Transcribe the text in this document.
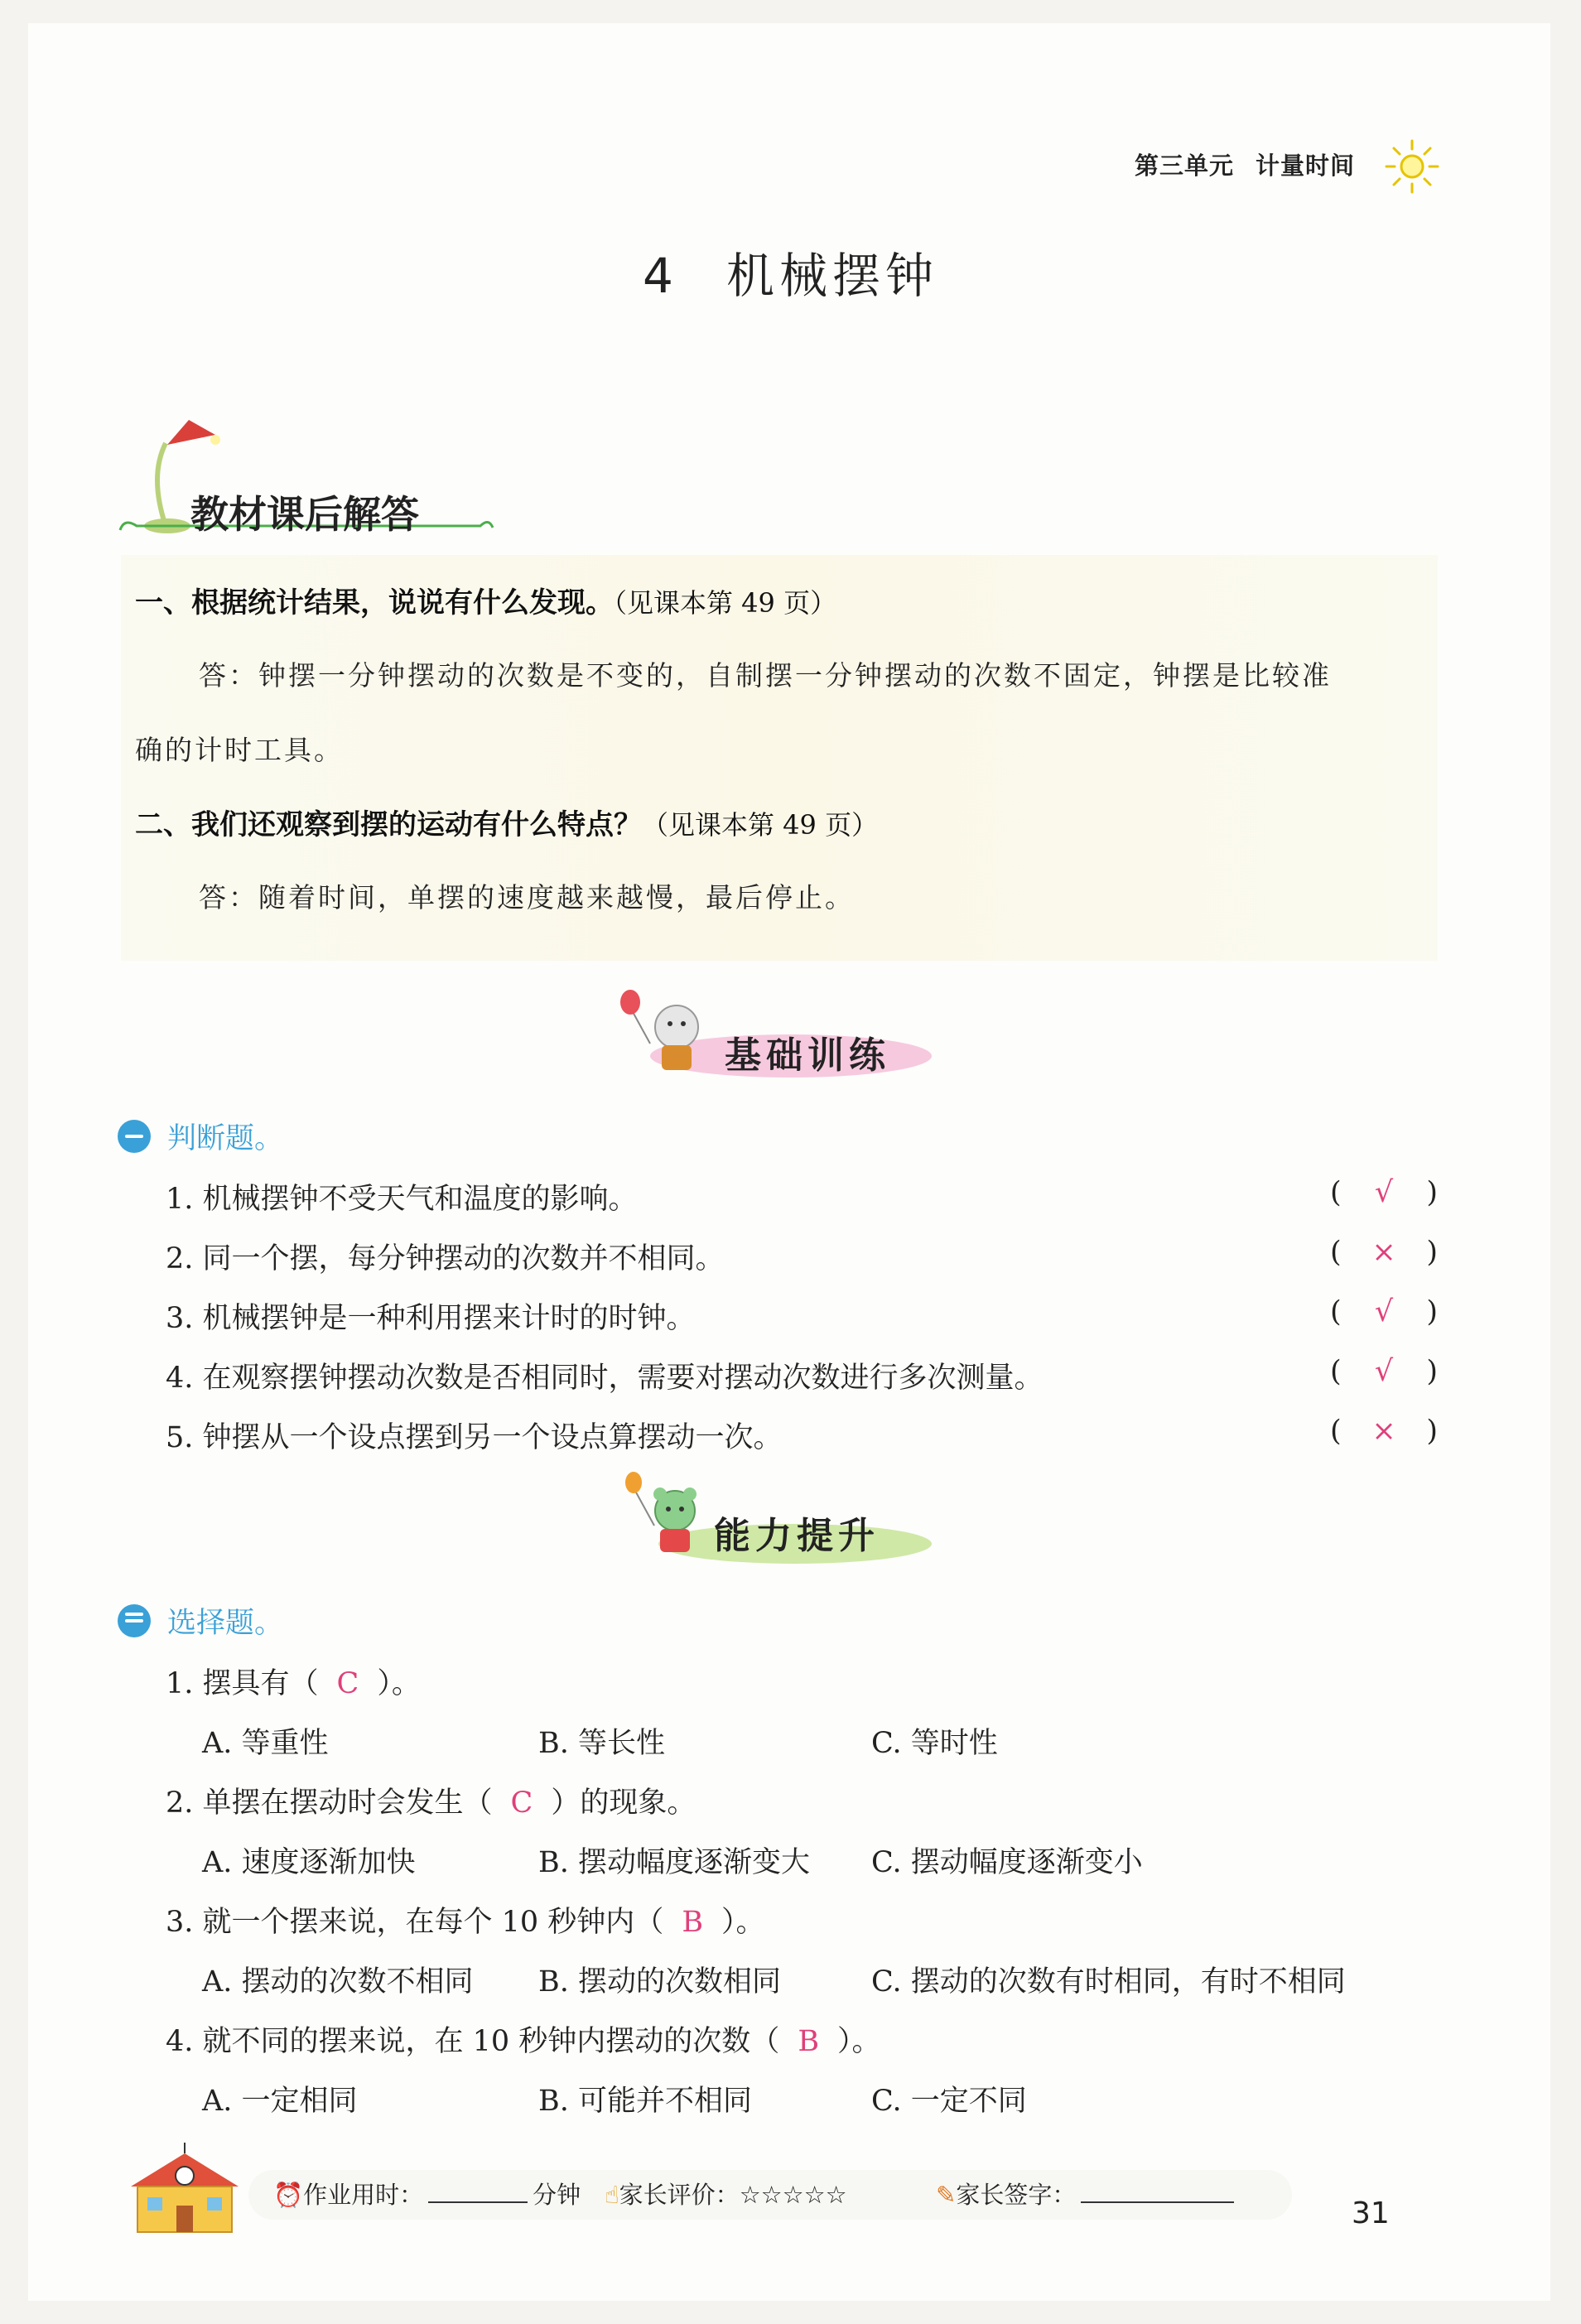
第三单元 计量时间
4 机械摆钟
教材课后解答
一、根据统计结果，说说有什么发现。（见课本第 49 页）
答：钟摆一分钟摆动的次数是不变的，自制摆一分钟摆动的次数不固定，钟摆是比较准
确的计时工具。
二、我们还观察到摆的运动有什么特点？（见课本第 49 页）
答：随着时间，单摆的速度越来越慢，最后停止。
基础训练
判断题。
1. 机械摆钟不受天气和温度的影响。	( √ )
2. 同一个摆，每分钟摆动的次数并不相同。	( × )
3. 机械摆钟是一种利用摆来计时的时钟。	( √ )
4. 在观察摆钟摆动次数是否相同时，需要对摆动次数进行多次测量。	( √ )
5. 钟摆从一个设点摆到另一个设点算摆动一次。	( × )
能力提升
选择题。
1. 摆具有（ C ）。
A. 等重性	B. 等长性	C. 等时性
2. 单摆在摆动时会发生（ C ）的现象。
A. 速度逐渐加快	B. 摆动幅度逐渐变大 C. 摆动幅度逐渐变小
3. 就一个摆来说，在每个 10 秒钟内（ B ）。
A. 摆动的次数不相同 B. 摆动的次数相同	C. 摆动的次数有时相同，有时不相同
4. 就不同的摆来说，在 10 秒钟内摆动的次数（ B ）。
A. 一定相同	B. 可能并不相同	C. 一定不同
⏰作业用时：	分钟 ☝家长评价：☆☆☆☆☆	✎家长签字：
31
